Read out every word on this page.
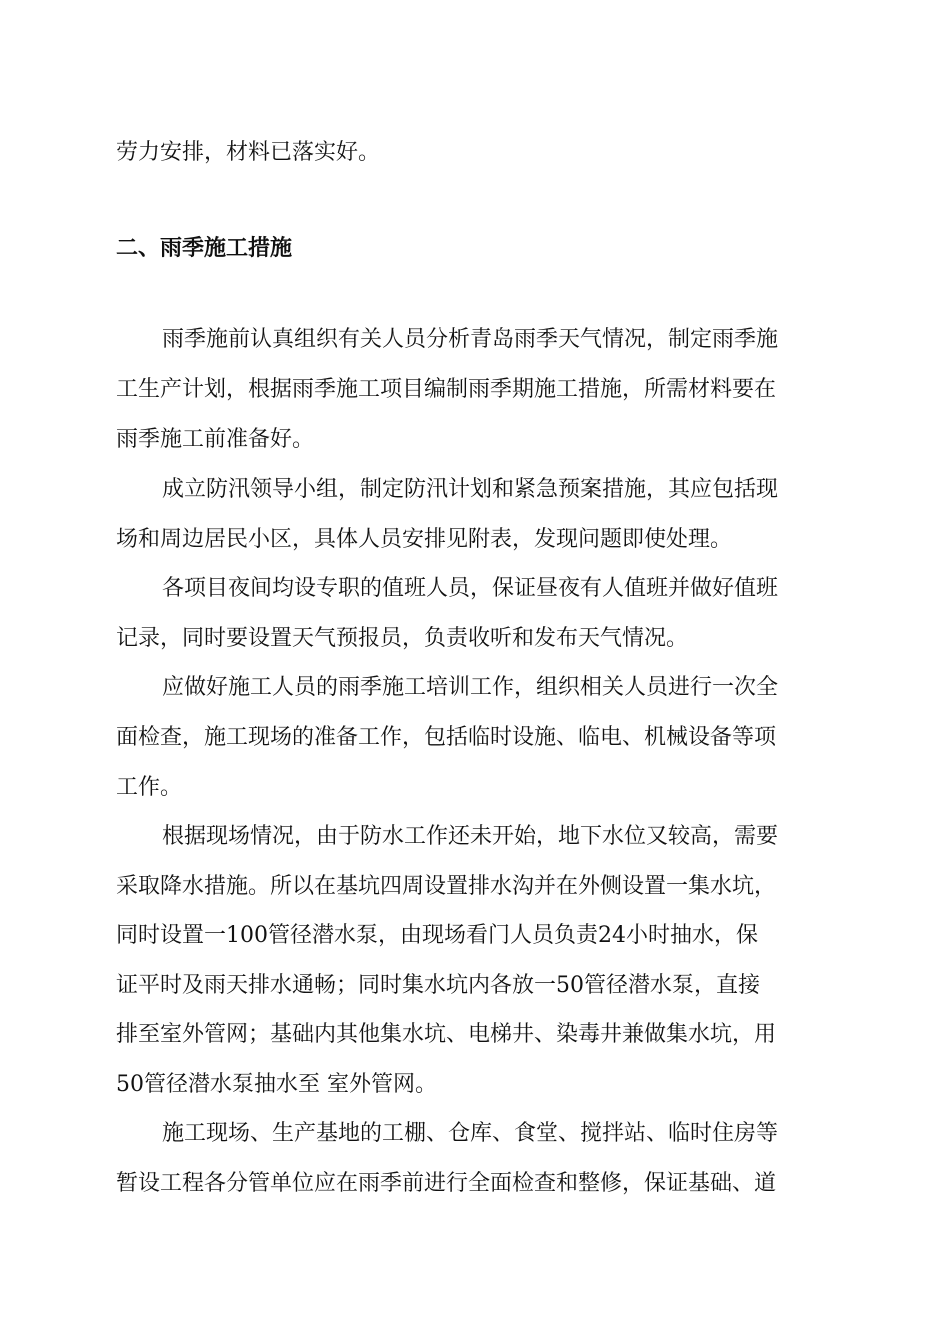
劳力安排，材料已落实好。
二、雨季施工措施
雨季施前认真组织有关人员分析青岛雨季天气情况，制定雨季施
工生产计划，根据雨季施工项目编制雨季期施工措施，所需材料要在
雨季施工前准备好。
成立防汛领导小组，制定防汛计划和紧急预案措施，其应包括现
场和周边居民小区，具体人员安排见附表，发现问题即使处理。
各项目夜间均设专职的值班人员，保证昼夜有人值班并做好值班
记录，同时要设置天气预报员，负责收听和发布天气情况。
应做好施工人员的雨季施工培训工作，组织相关人员进行一次全
面检查，施工现场的准备工作，包括临时设施、临电、机械设备等项
工作。
根据现场情况，由于防水工作还未开始，地下水位又较高，需要
采取降水措施。所以在基坑四周设置排水沟并在外侧设置一集水坑，
同时设置一100管径潜水泵，由现场看门人员负责24小时抽水，保
证平时及雨天排水通畅；同时集水坑内各放一50管径潜水泵，直接
排至室外管网；基础内其他集水坑、电梯井、染毒井兼做集水坑，用
50管径潜水泵抽水至 室外管网。
施工现场、生产基地的工棚、仓库、食堂、搅拌站、临时住房等
暂设工程各分管单位应在雨季前进行全面检查和整修，保证基础、道
